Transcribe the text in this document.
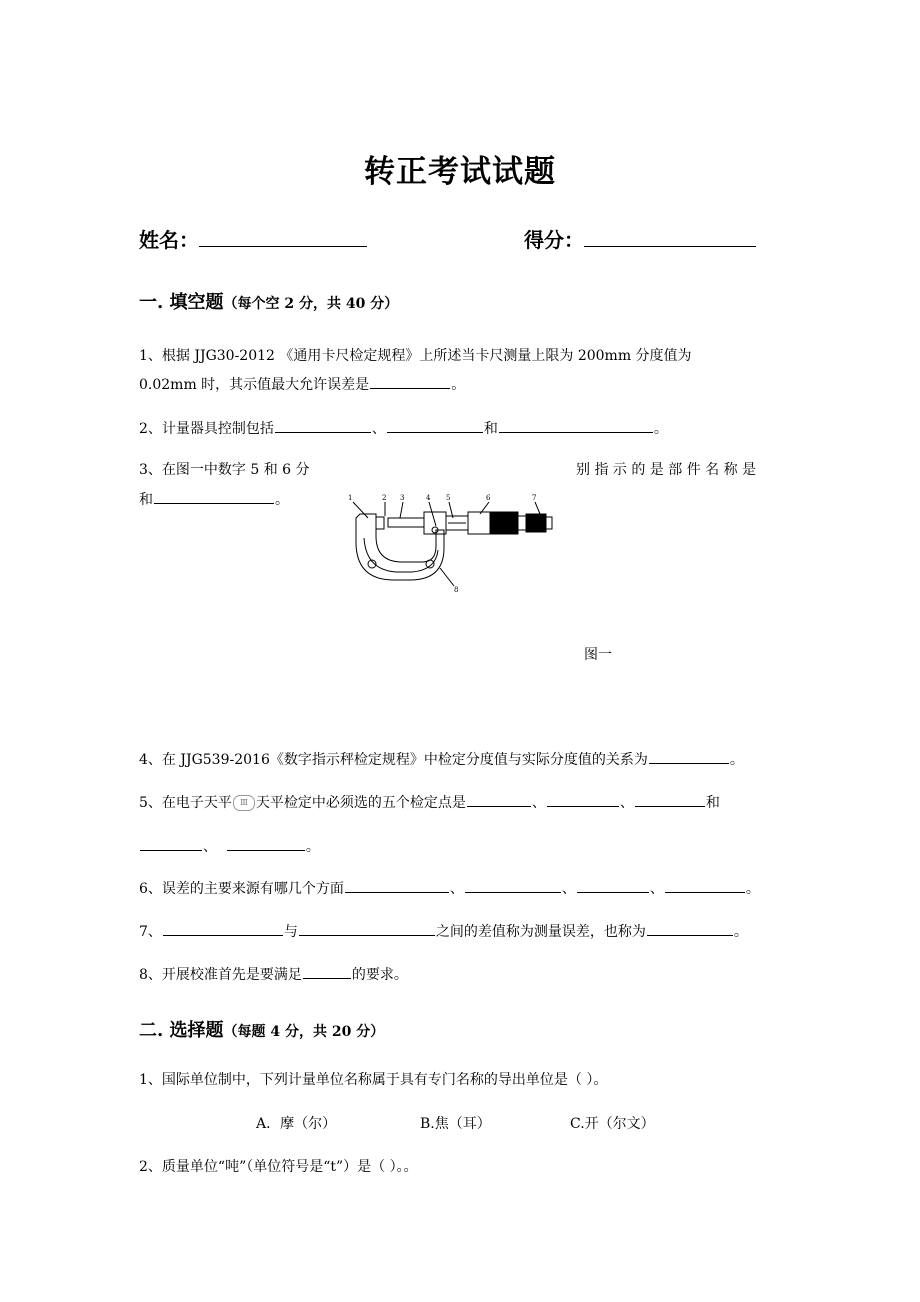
转正考试试题
姓名：	得分：
一. 填空题（每个空 2 分，共 40 分）
1、根据 JJG30-2012 《通用卡尺检定规程》上所述当卡尺测量上限为 200mm 分度值为
0.02mm 时，其示值最大允许误差是	。
2、计量器具控制包括	、	和	。
3、在图一中数字 5 和 6 分	别 指 示 的 是 部 件 名 称 是
和	。	1	2 3	4 5	6	7
8
图一
4、在 JJG539-2016《数字指示秤检定规程》中检定分度值与实际分度值的关系为	。
5、在电子天平 Ⅲ 天平检定中必须选的五个检定点是	、	、	和
、	。
6、误差的主要来源有哪几个方面	、	、	、	。
7、	与	之间的差值称为测量误差，也称为	。
8、开展校准首先是要满足	的要求。
二. 选择题（每题 4 分，共 20 分）
1、国际单位制中，下列计量单位名称属于具有专门名称的导出单位是（ ）。
A．摩（尔）	B.焦（耳）	C.开（尔文）
2、质量单位“吨”（单位符号是“t”）是（ ）。。
